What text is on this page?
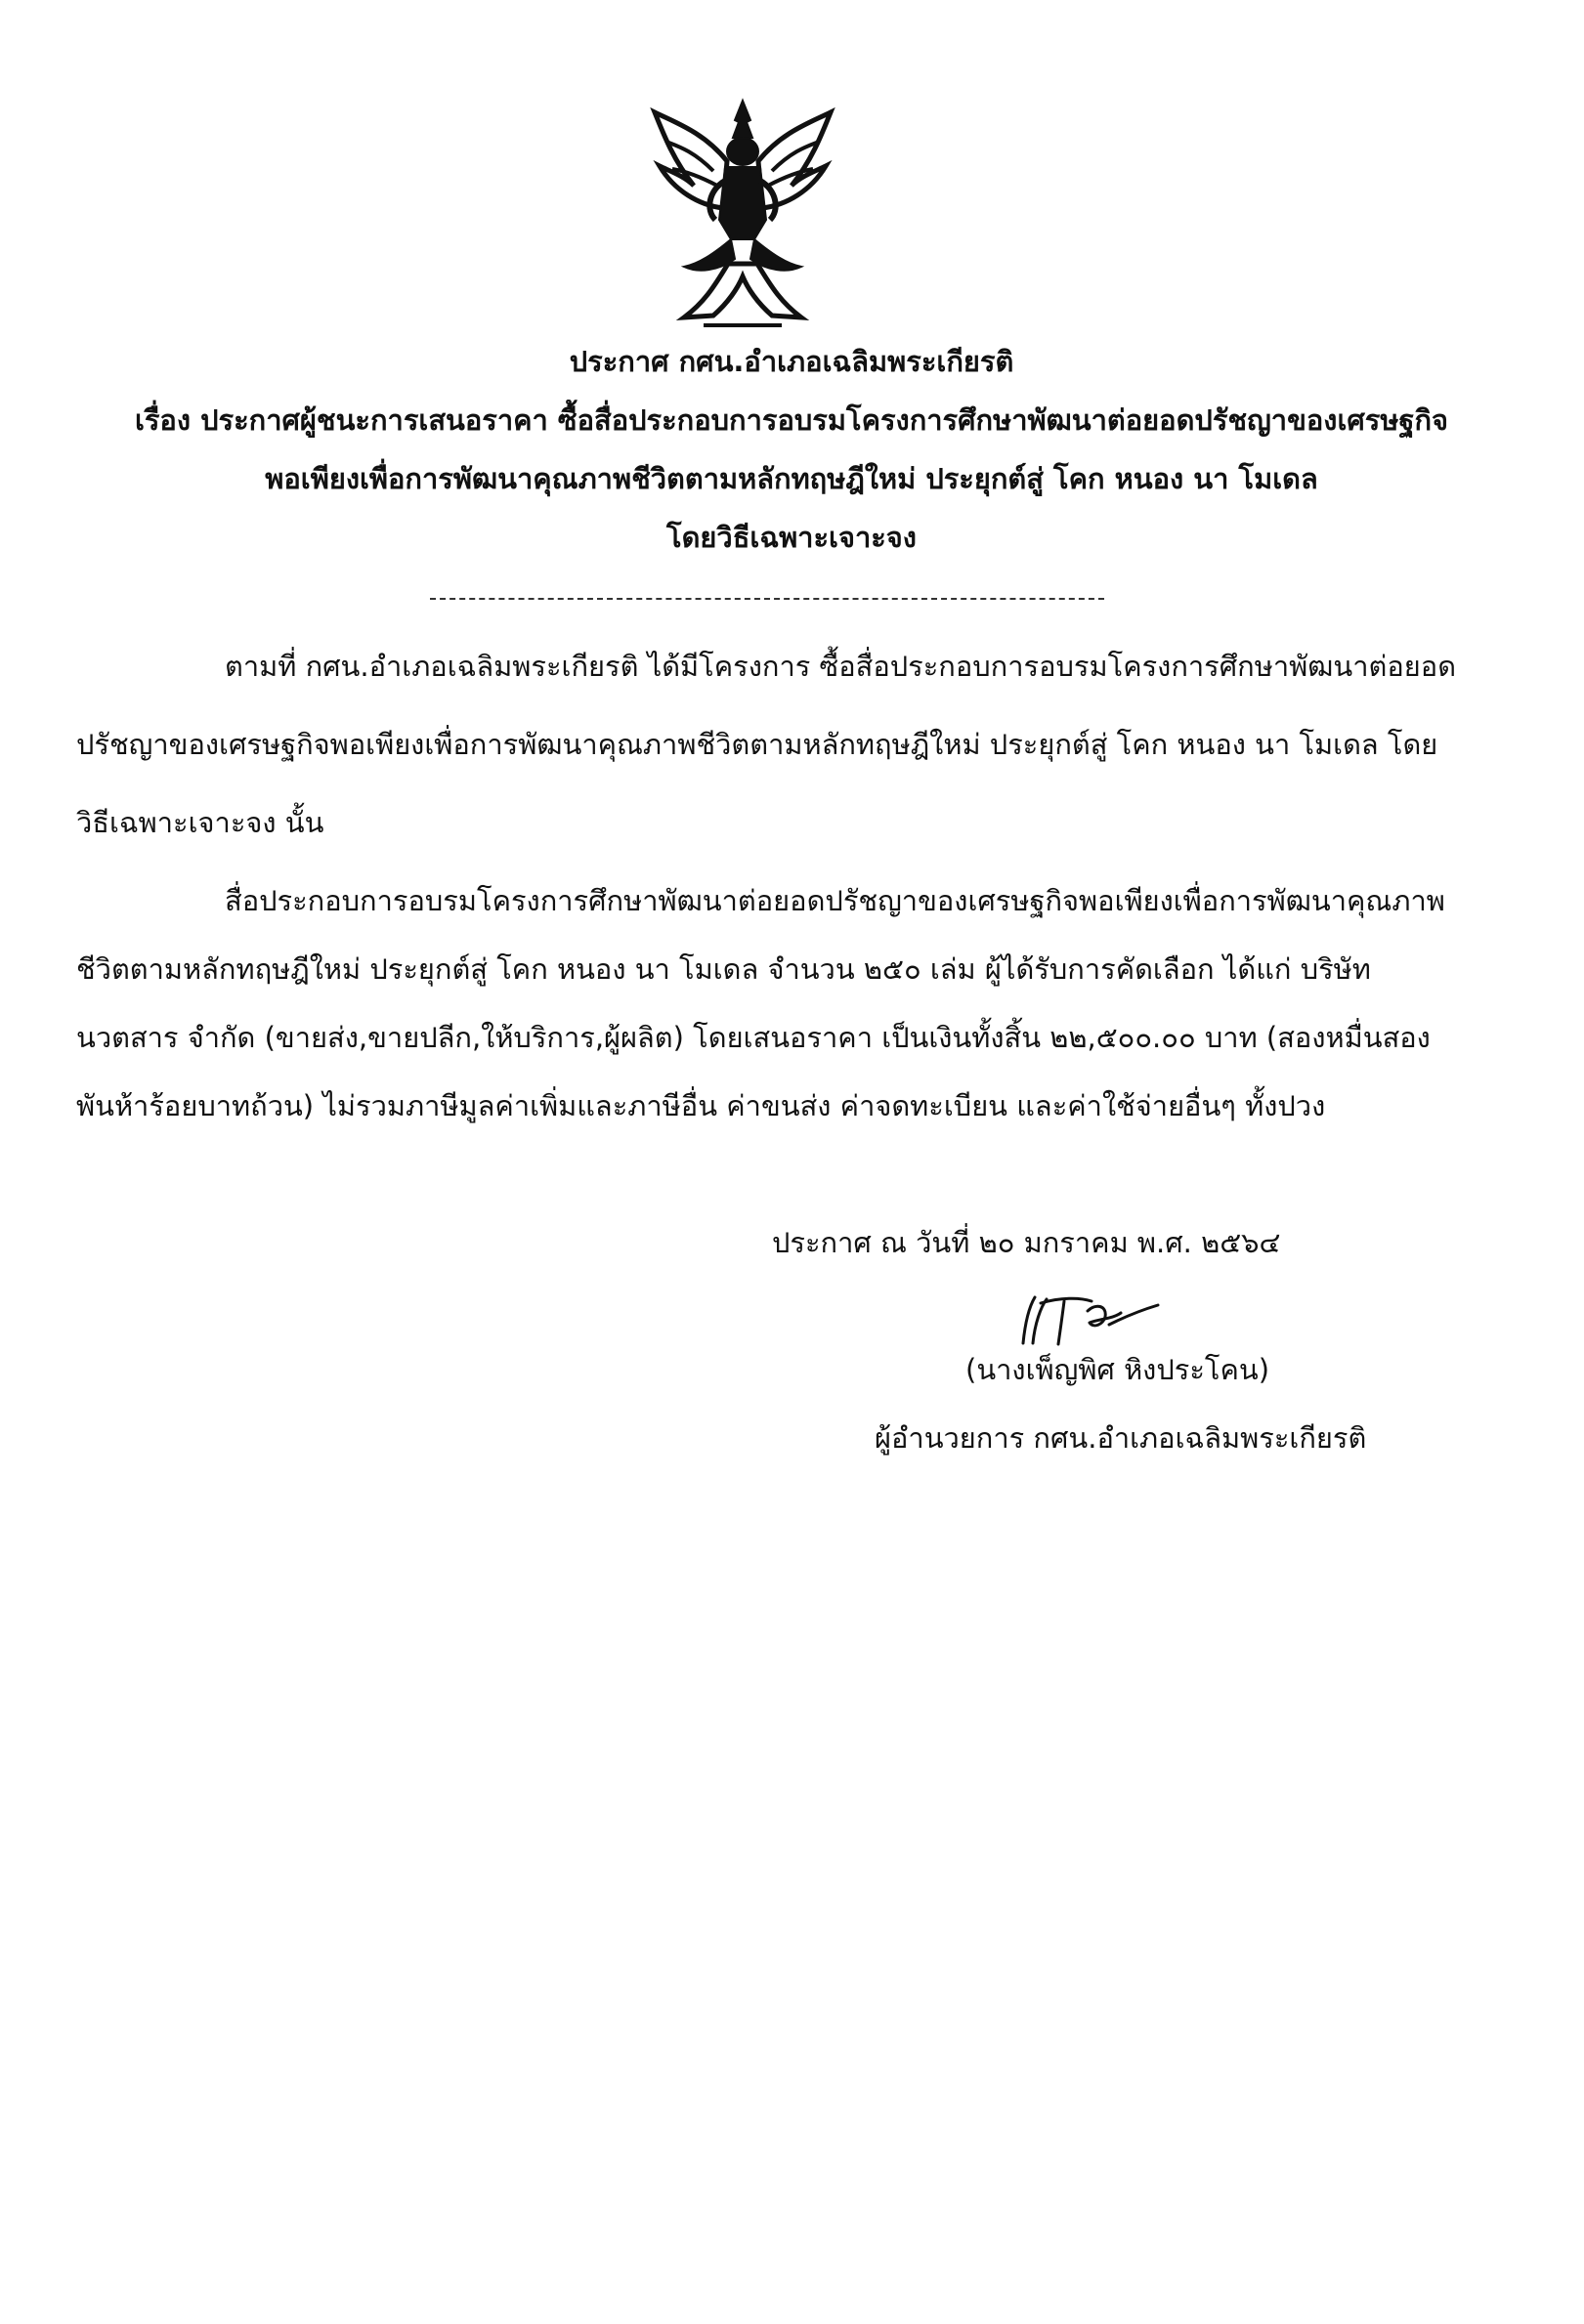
ประกาศ กศน.อำเภอเฉลิมพระเกียรติ
เรื่อง ประกาศผู้ชนะการเสนอราคา ซื้อสื่อประกอบการอบรมโครงการศึกษาพัฒนาต่อยอดปรัชญาของเศรษฐกิจ
พอเพียงเพื่อการพัฒนาคุณภาพชีวิตตามหลักทฤษฎีใหม่ ประยุกต์สู่ โคก หนอง นา โมเดล
โดยวิธีเฉพาะเจาะจง
ตามที่ กศน.อำเภอเฉลิมพระเกียรติ ได้มีโครงการ ซื้อสื่อประกอบการอบรมโครงการศึกษาพัฒนาต่อยอด
ปรัชญาของเศรษฐกิจพอเพียงเพื่อการพัฒนาคุณภาพชีวิตตามหลักทฤษฎีใหม่ ประยุกต์สู่ โคก หนอง นา โมเดล โดย
วิธีเฉพาะเจาะจง นั้น
สื่อประกอบการอบรมโครงการศึกษาพัฒนาต่อยอดปรัชญาของเศรษฐกิจพอเพียงเพื่อการพัฒนาคุณภาพ
ชีวิตตามหลักทฤษฎีใหม่ ประยุกต์สู่ โคก หนอง นา โมเดล จำนวน ๒๕๐ เล่ม ผู้ได้รับการคัดเลือก ได้แก่ บริษัท
นวตสาร จำกัด (ขายส่ง,ขายปลีก,ให้บริการ,ผู้ผลิต) โดยเสนอราคา เป็นเงินทั้งสิ้น ๒๒,๕๐๐.๐๐ บาท (สองหมื่นสอง
พันห้าร้อยบาทถ้วน) ไม่รวมภาษีมูลค่าเพิ่มและภาษีอื่น ค่าขนส่ง ค่าจดทะเบียน และค่าใช้จ่ายอื่นๆ ทั้งปวง
ประกาศ ณ วันที่ ๒๐ มกราคม พ.ศ. ๒๕๖๔
(นางเพ็ญพิศ หิงประโคน)
ผู้อำนวยการ กศน.อำเภอเฉลิมพระเกียรติ
